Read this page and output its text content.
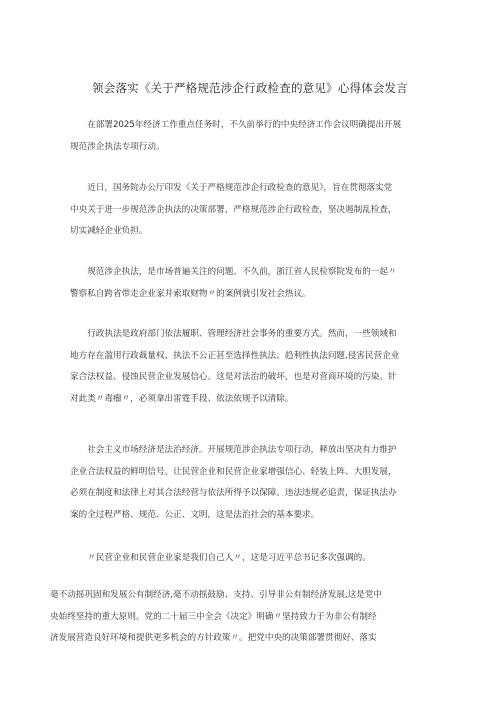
领会落实《关于严格规范涉企行政检查的意见》心得体会发言
　　在部署2025年经济工作重点任务时，不久前举行的中央经济工作会议明确提出开展
规范涉企执法专项行动。
　　近日，国务院办公厅印发《关于严格规范涉企行政检查的意见》，旨在贯彻落实党
中央关于进一步规范涉企执法的决策部署，严格规范涉企行政检查，坚决遏制乱检查，
切实减轻企业负担。
　　规范涉企执法，是市场普遍关注的问题。不久前，浙江省人民检察院发布的一起〃
警察私自跨省带走企业家并索取财物〃的案例就引发社会热议。
　　行政执法是政府部门依法履职、管理经济社会事务的重要方式。然而，一些领域和
地方存在滥用行政裁量权、执法不公正甚至选择性执法、趋利性执法问题,侵害民营企业
家合法权益、侵蚀民营企业发展信心。这是对法治的破坏，也是对营商环境的污染。针
对此类〃毒瘤〃，必须拿出雷霆手段、依法依规予以清除。
　　社会主义市场经济是法治经济。开展规范涉企执法专项行动，释放出坚决有力维护
企业合法权益的鲜明信号。让民营企业和民营企业家增强信心、轻装上阵、大胆发展，
必须在制度和法律上对其合法经营与依法所得予以保障。违法违规必追责，保证执法办
案的全过程严格、规范、公正、文明，这是法治社会的基本要求。
　　〃民营企业和民营企业家是我们自己人〃，这是习近平总书记多次强调的。
毫不动摇巩固和发展公有制经济,毫不动摇鼓励、支持、引导非公有制经济发展,这是党中
央始终坚持的重大原则。党的二十届三中全会《决定》明确〃坚持致力于为非公有制经
济发展营造良好环境和提供更多机会的方针政策〃。把党中央的决策部署贯彻好、落实
